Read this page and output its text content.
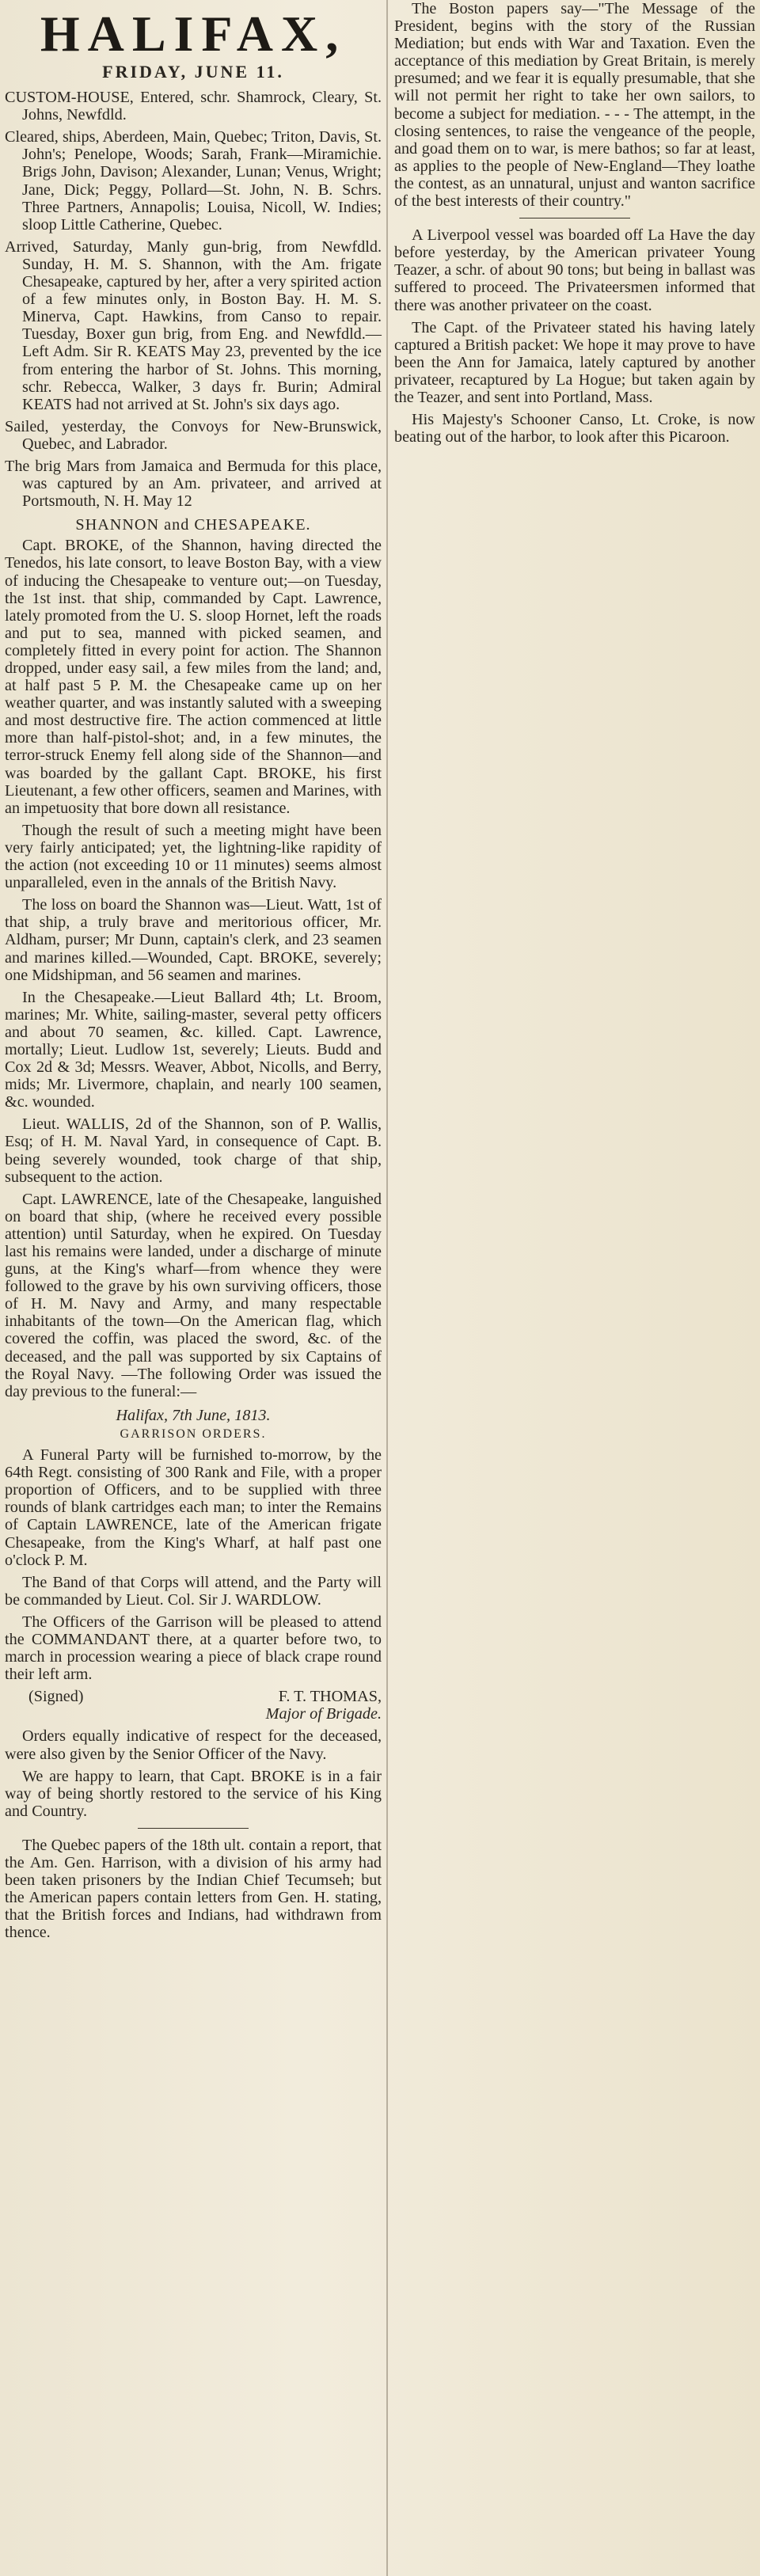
HALIFAX,
FRIDAY, JUNE 11.

CUSTOM-HOUSE, Entered, schr. Shamrock, Cleary, St. Johns, Newfdld.

Cleared, ships, Aberdeen, Main, Quebec; Triton, Davis, St. John's; Penelope, Woods; Sarah, Frank—Miramichie. Brigs John, Davison; Alexander, Lunan; Venus, Wright; Jane, Dick; Peggy, Pollard—St. John, N. B. Schrs. Three Partners, Annapolis; Louisa, Nicoll, W. Indies; sloop Little Catherine, Quebec.

Arrived, Saturday, Manly gun-brig, from Newfdld. Sunday, H. M. S. Shannon, with the Am. frigate Chesapeake, captured by her, after a very spirited action of a few minutes only, in Boston Bay. H. M. S. Minerva, Capt. Hawkins, from Canso to repair. Tuesday, Boxer gun brig, from Eng. and Newfdld.—Left Adm. Sir R. KEATS May 23, prevented by the ice from entering the harbor of St. Johns. This morning, schr. Rebecca, Walker, 3 days fr. Burin; Admiral KEATS had not arrived at St. John's six days ago.

Sailed, yesterday, the Convoys for New-Brunswick, Quebec, and Labrador.

The brig Mars from Jamaica and Bermuda for this place, was captured by an Am. privateer, and arrived at Portsmouth, N. H. May 12

SHANNON and CHESAPEAKE.

Capt. BROKE, of the Shannon, having directed the Tenedos, his late consort, to leave Boston Bay, with a view of inducing the Chesapeake to venture out;—on Tuesday, the 1st inst. that ship, commanded by Capt. Lawrence, lately promoted from the U. S. sloop Hornet, left the roads and put to sea, manned with picked seamen, and completely fitted in every point for action. The Shannon dropped, under easy sail, a few miles from the land; and, at half past 5 P. M. the Chesapeake came up on her weather quarter, and was instantly saluted with a sweeping and most destructive fire. The action commenced at little more than half-pistol-shot; and, in a few minutes, the terror-struck Enemy fell along side of the Shannon—and was boarded by the gallant Capt. BROKE, his first Lieutenant, a few other officers, seamen and Marines, with an impetuosity that bore down all resistance.

Though the result of such a meeting might have been very fairly anticipated; yet, the lightning-like rapidity of the action (not exceeding 10 or 11 minutes) seems almost unparalleled, even in the annals of the British Navy.

The loss on board the Shannon was—Lieut. Watt, 1st of that ship, a truly brave and meritorious officer, Mr. Aldham, purser; Mr Dunn, captain's clerk, and 23 seamen and marines killed.—Wounded, Capt. BROKE, severely; one Midshipman, and 56 seamen and marines.

In the Chesapeake.—Lieut Ballard 4th; Lt. Broom, marines; Mr. White, sailing-master, several petty officers and about 70 seamen, &c. killed. Capt. Lawrence, mortally; Lieut. Ludlow 1st, severely; Lieuts. Budd and Cox 2d & 3d; Messrs. Weaver, Abbot, Nicolls, and Berry, mids; Mr. Livermore, chaplain, and nearly 100 seamen, &c. wounded.

Lieut. WALLIS, 2d of the Shannon, son of P. Wallis, Esq; of H. M. Naval Yard, in consequence of Capt. B. being severely wounded, took charge of that ship, subsequent to the action.

Capt. LAWRENCE, late of the Chesapeake, languished on board that ship, (where he received every possible attention) until Saturday, when he expired. On Tuesday last his remains were landed, under a discharge of minute guns, at the King's wharf—from whence they were followed to the grave by his own surviving officers, those of H. M. Navy and Army, and many respectable inhabitants of the town—On the American flag, which covered the coffin, was placed the sword, &c. of the deceased, and the pall was supported by six Captains of the Royal Navy. —The following Order was issued the day previous to the funeral:—

Halifax, 7th June, 1813.
GARRISON ORDERS.

A Funeral Party will be furnished to-morrow, by the 64th Regt. consisting of 300 Rank and File, with a proper proportion of Officers, and to be supplied with three rounds of blank cartridges each man; to inter the Remains of Captain LAWRENCE, late of the American frigate Chesapeake, from the King's Wharf, at half past one o'clock P. M.

The Band of that Corps will attend, and the Party will be commanded by Lieut. Col. Sir J. WARDLOW.

The Officers of the Garrison will be pleased to attend the COMMANDANT there, at a quarter before two, to march in procession wearing a piece of black crape round their left arm.

(Signed)	F. T. THOMAS,
Major of Brigade.

Orders equally indicative of respect for the deceased, were also given by the Senior Officer of the Navy.

We are happy to learn, that Capt. BROKE is in a fair way of being shortly restored to the service of his King and Country.

The Quebec papers of the 18th ult. contain a report, that the Am. Gen. Harrison, with a division of his army had been taken prisoners by the Indian Chief Tecumseh; but the American papers contain letters from Gen. H. stating, that the British forces and Indians, had withdrawn from thence.

The Boston papers say—"The Message of the President, begins with the story of the Russian Mediation; but ends with War and Taxation. Even the acceptance of this mediation by Great Britain, is merely presumed; and we fear it is equally presumable, that she will not permit her right to take her own sailors, to become a subject for mediation. - - - The attempt, in the closing sentences, to raise the vengeance of the people, and goad them on to war, is mere bathos; so far at least, as applies to the people of New-England—They loathe the contest, as an unnatural, unjust and wanton sacrifice of the best interests of their country."

A Liverpool vessel was boarded off La Have the day before yesterday, by the American privateer Young Teazer, a schr. of about 90 tons; but being in ballast was suffered to proceed. The Privateersmen informed that there was another privateer on the coast.

The Capt. of the Privateer stated his having lately captured a British packet: We hope it may prove to have been the Ann for Jamaica, lately captured by another privateer, recaptured by La Hogue; but taken again by the Teazer, and sent into Portland, Mass.

His Majesty's Schooner Canso, Lt. Croke, is now beating out of the harbor, to look after this Picaroon.
